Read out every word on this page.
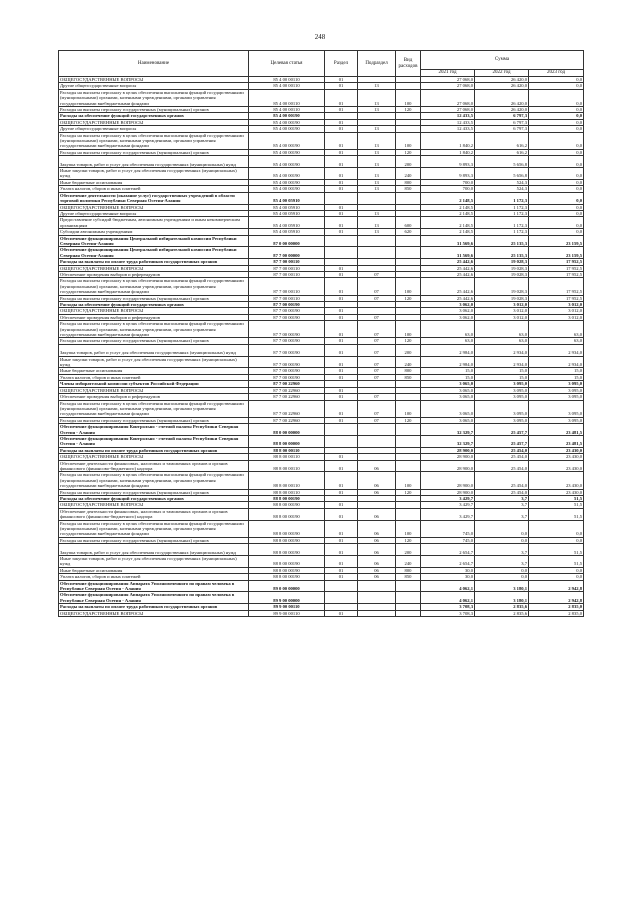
248
Наименование	Целевая статья	Раздел	Подраздел	Вид расходов	Сумма		
					2021 год	2022 год	2023 год
ОБЩЕГОСУДАРСТВЕННЫЕ ВОПРОСЫ	85 4 00 00110	01			27 068,0	26 420,0	0,0
Другие общегосударственные вопросы	85 4 00 00110	01	13		27 068,0	26 420,0	0,0
Расходы на выплаты персоналу в целях обеспечения выполнения функций государственными (муниципальными) органами, казенными учреждениями, органами управления государственными внебюджетными фондами	85 4 00 00110	01	13	100	27 068,0	26 420,0	0,0
Расходы на выплаты персоналу государственных (муниципальных) органов	85 4 00 00110	01	13	120	27 068,0	26 420,0	0,0
Расходы на обеспечение функций государственных органов	85 4 00 00190				12 433,5	6 797,3	0,0
ОБЩЕГОСУДАРСТВЕННЫЕ ВОПРОСЫ	85 4 00 00190	01			12 433,5	6 797,3	0,0
Другие общегосударственные вопросы	85 4 00 00190	01	13		12 433,5	6 797,3	0,0
Расходы на выплаты персоналу в целях обеспечения выполнения функций государственными (муниципальными) органами, казенными учреждениями, органами управления государственными внебюджетными фондами	85 4 00 00190	01	13	100	1 840,2	616,2	0,0
Расходы на выплаты персоналу государственных (муниципальных) органов	85 4 00 00190	01	13	120	1 840,2	616,2	0,0
Закупка товаров, работ и услуг для обеспечения государственных (муниципальных) нужд	85 4 00 00190	01	13	200	9 893,3	5 656,8	0,0
Иные закупки товаров, работ и услуг для обеспечения государственных (муниципальных) нужд	85 4 00 00190	01	13	240	9 893,3	5 656,8	0,0
Иные бюджетные ассигнования	85 4 00 00190	01	13	800	700,0	524,3	0,0
Уплата налогов, сборов и иных платежей	85 4 00 00190	01	13	850	700,0	524,3	0,0
Обеспечение деятельности (оказание услуг) государственных учреждений в области торговой политики Республики Северная Осетия-Алания	85 4 00 05910				2 148,5	1 172,3	0,0
ОБЩЕГОСУДАРСТВЕННЫЕ ВОПРОСЫ	85 4 00 05910	01			2 148,5	1 172,3	0,0
Другие общегосударственные вопросы	85 4 00 05910	01	13		2 148,5	1 172,3	0,0
Предоставление субсидий бюджетным, автономным учреждениям и иным некоммерческим организациям	85 4 00 05910	01	13	600	2 148,5	1 172,3	0,0
Субсидии автономным учреждениям	85 4 00 05910	01	13	620	2 148,5	1 172,3	0,0
Обеспечение функционирования Центральной избирательной комиссии Республики Северная Осетия-Алания	87 0 00 00000				31 569,6	25 135,3	23 159,5
Обеспечение функционирования Центральной избирательной комиссии Республики Северная Осетия-Алания	87 7 00 00000				31 569,6	25 135,3	23 159,5
Расходы на выплаты по оплате труда работников государственных органов	87 7 00 00110				25 442,6	19 028,3	17 952,5
ОБЩЕГОСУДАРСТВЕННЫЕ ВОПРОСЫ	87 7 00 00110	01			25 442,6	19 028,3	17 952,5
Обеспечение проведения выборов и референдумов	87 7 00 00110	01	07		25 442,6	19 028,3	17 952,5
Расходы на выплаты персоналу в целях обеспечения выполнения функций государственными (муниципальными) органами, казенными учреждениями, органами управления государственными внебюджетными фондами	87 7 00 00110	01	07	100	25 442,6	19 028,3	17 952,5
Расходы на выплаты персоналу государственных (муниципальных) органов	87 7 00 00110	01	07	120	25 442,6	19 028,3	17 952,5
Расходы на обеспечение функций государственных органов	87 7 00 00190				3 062,0	3 012,0	3 012,0
ОБЩЕГОСУДАРСТВЕННЫЕ ВОПРОСЫ	87 7 00 00190	01			3 062,0	3 012,0	3 012,0
Обеспечение проведения выборов и референдумов	87 7 00 00190	01	07		3 062,0	3 012,0	3 012,0
Расходы на выплаты персоналу в целях обеспечения выполнения функций государственными (муниципальными) органами, казенными учреждениями, органами управления государственными внебюджетными фондами	87 7 00 00190	01	07	100	63,0	63,0	63,0
Расходы на выплаты персоналу государственных (муниципальных) органов	87 7 00 00190	01	07	120	63,0	63,0	63,0
Закупка товаров, работ и услуг для обеспечения государственных (муниципальных) нужд	87 7 00 00190	01	07	200	2 984,0	2 934,0	2 934,0
Иные закупки товаров, работ и услуг для обеспечения государственных (муниципальных) нужд	87 7 00 00190	01	07	240	2 984,0	2 934,0	2 934,0
Иные бюджетные ассигнования	87 7 00 00190	01	07	800	15,0	15,0	15,0
Уплата налогов, сборов и иных платежей	87 7 00 00190	01	07	850	15,0	15,0	15,0
Члены избирательной комиссии субъектов Российской Федерации	87 7 00 22960				3 065,0	3 095,0	3 095,0
ОБЩЕГОСУДАРСТВЕННЫЕ ВОПРОСЫ	87 7 00 22960	01			3 065,0	3 095,0	3 095,0
Обеспечение проведения выборов и референдумов	87 7 00 22960	01	07		3 065,0	3 095,0	3 095,0
Расходы на выплаты персоналу в целях обеспечения выполнения функций государственными (муниципальными) органами, казенными учреждениями, органами управления государственными внебюджетными фондами	87 7 00 22960	01	07	100	3 065,0	3 095,0	3 095,0
Расходы на выплаты персоналу государственных (муниципальных) органов	87 7 00 22960	01	07	120	3 065,0	3 095,0	3 095,0
Обеспечение функционирования Контрольно - счетной палаты Республики Северная Осетия - Алания	88 0 00 00000				32 329,7	25 457,7	23 481,5
Обеспечение функционирования Контрольно - счетной палаты Республики Северная Осетия - Алания	88 8 00 00000				32 329,7	25 457,7	23 481,5
Расходы на выплаты по оплате труда работников государственных органов	88 8 00 00110				28 900,0	25 454,0	23 430,0
ОБЩЕГОСУДАРСТВЕННЫЕ ВОПРОСЫ	88 8 00 00110	01			28 900,0	25 454,0	23 430,0
Обеспечение деятельности финансовых, налоговых и таможенных органов и органов финансового (финансово-бюджетного) надзора	88 8 00 00110	01	06		28 900,0	25 454,0	23 430,0
Расходы на выплаты персоналу в целях обеспечения выполнения функций государственными (муниципальными) органами, казенными учреждениями, органами управления государственными внебюджетными фондами	88 8 00 00110	01	06	100	28 900,0	25 454,0	23 430,0
Расходы на выплаты персоналу государственных (муниципальных) органов	88 8 00 00110	01	06	120	28 900,0	25 454,0	23 430,0
Расходы на обеспечение функций государственных органов	88 8 00 00190				3 429,7	3,7	51,5
ОБЩЕГОСУДАРСТВЕННЫЕ ВОПРОСЫ	88 8 00 00190	01			3 429,7	3,7	51,5
Обеспечение деятельности финансовых, налоговых и таможенных органов и органов финансового (финансово-бюджетного) надзора	88 8 00 00190	01	06		3 429,7	3,7	51,5
Расходы на выплаты персоналу в целях обеспечения выполнения функций государственными (муниципальными) органами, казенными учреждениями, органами управления государственными внебюджетными фондами	88 8 00 00190	01	06	100	745,0	0,0	0,0
Расходы на выплаты персоналу государственных (муниципальных) органов	88 8 00 00190	01	06	120	745,0	0,0	0,0
Закупка товаров, работ и услуг для обеспечения государственных (муниципальных) нужд	88 8 00 00190	01	06	200	2 654,7	3,7	51,5
Иные закупки товаров, работ и услуг для обеспечения государственных (муниципальных) нужд	88 8 00 00190	01	06	240	2 654,7	3,7	51,5
Иные бюджетные ассигнования	88 8 00 00190	01	06	800	30,0	0,0	0,0
Уплата налогов, сборов и иных платежей	88 8 00 00190	01	06	850	30,0	0,0	0,0
Обеспечение функционирования Аппарата Уполномоченного по правам человека в Республике Северная Осетия - Алания	89 0 00 00000				4 062,1	3 180,1	2 942,8
Обеспечение функционирования Аппарата Уполномоченного по правам человека в Республике Северная Осетия - Алания	89 9 00 00000				4 062,1	3 180,1	2 942,8
Расходы на выплаты по оплате труда работников государственных органов	89 9 00 00110				3 708,3	2 835,6	2 835,0
ОБЩЕГОСУДАРСТВЕННЫЕ ВОПРОСЫ	89 9 00 00110	01			3 708,3	2 835,6	2 835,0
